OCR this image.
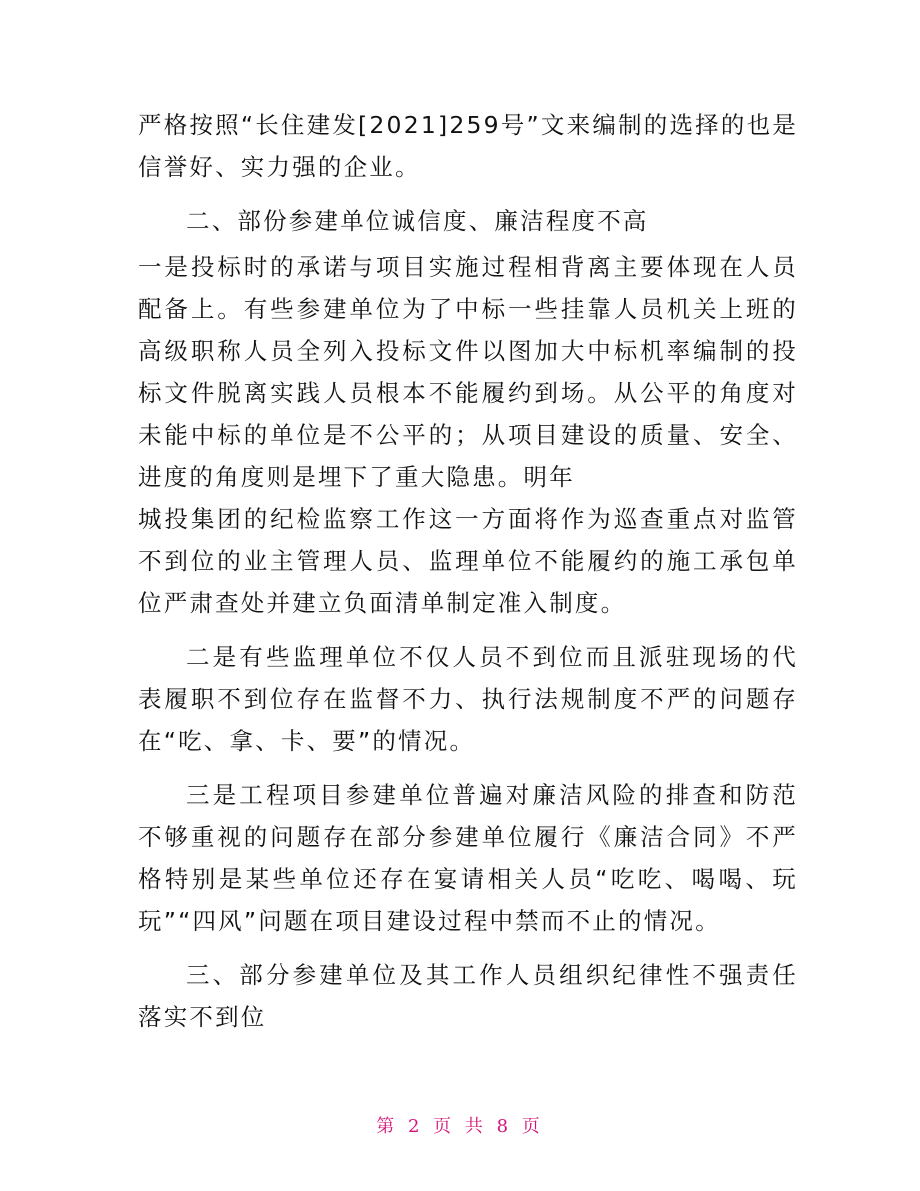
严格按照“长住建发[2021]259号”文来编制的选择的也是信誉好、实力强的企业。

二、部份参建单位诚信度、廉洁程度不高

一是投标时的承诺与项目实施过程相背离主要体现在人员配备上。有些参建单位为了中标一些挂靠人员机关上班的高级职称人员全列入投标文件以图加大中标机率编制的投标文件脱离实践人员根本不能履约到场。从公平的角度对未能中标的单位是不公平的；从项目建设的质量、安全、进度的角度则是埋下了重大隐患。明年

城投集团的纪检监察工作这一方面将作为巡查重点对监管不到位的业主管理人员、监理单位不能履约的施工承包单位严肃查处并建立负面清单制定准入制度。

二是有些监理单位不仅人员不到位而且派驻现场的代表履职不到位存在监督不力、执行法规制度不严的问题存在“吃、拿、卡、要”的情况。

三是工程项目参建单位普遍对廉洁风险的排查和防范不够重视的问题存在部分参建单位履行《廉洁合同》不严格特别是某些单位还存在宴请相关人员“吃吃、喝喝、玩玩”“四风”问题在项目建设过程中禁而不止的情况。

三、部分参建单位及其工作人员组织纪律性不强责任落实不到位

第 2 页 共 8 页
